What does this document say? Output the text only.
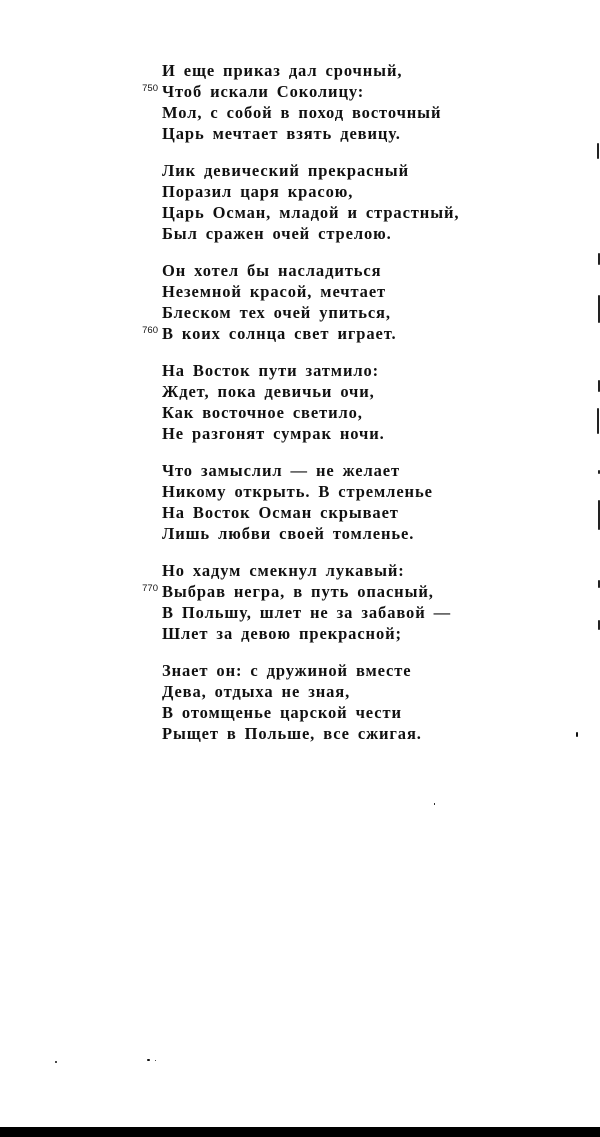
И еще приказ дал срочный,
750 Чтоб искали Соколицу:
Мол, с собой в поход восточный
Царь мечтает взять девицу.
Лик девический прекрасный
Поразил царя красою,
Царь Осман, младой и страстный,
Был сражен очей стрелою.
Он хотел бы насладиться
Неземной красой, мечтает
Блеском тех очей упиться,
760 В коих солнца свет играет.
На Восток пути затмило:
Ждет, пока девичьи очи,
Как восточное светило,
Не разгонят сумрак ночи.
Что замыслил — не желает
Никому открыть. В стремленье
На Восток Осман скрывает
Лишь любви своей томленье.
Но хадум смекнул лукавый:
770 Выбрав негра, в путь опасный,
В Польшу, шлет не за забавой —
Шлет за девою прекрасной;
Знает он: с дружиной вместе
Дева, отдыха не зная,
В отомщенье царской чести
Рыщет в Польше, все сжигая.
